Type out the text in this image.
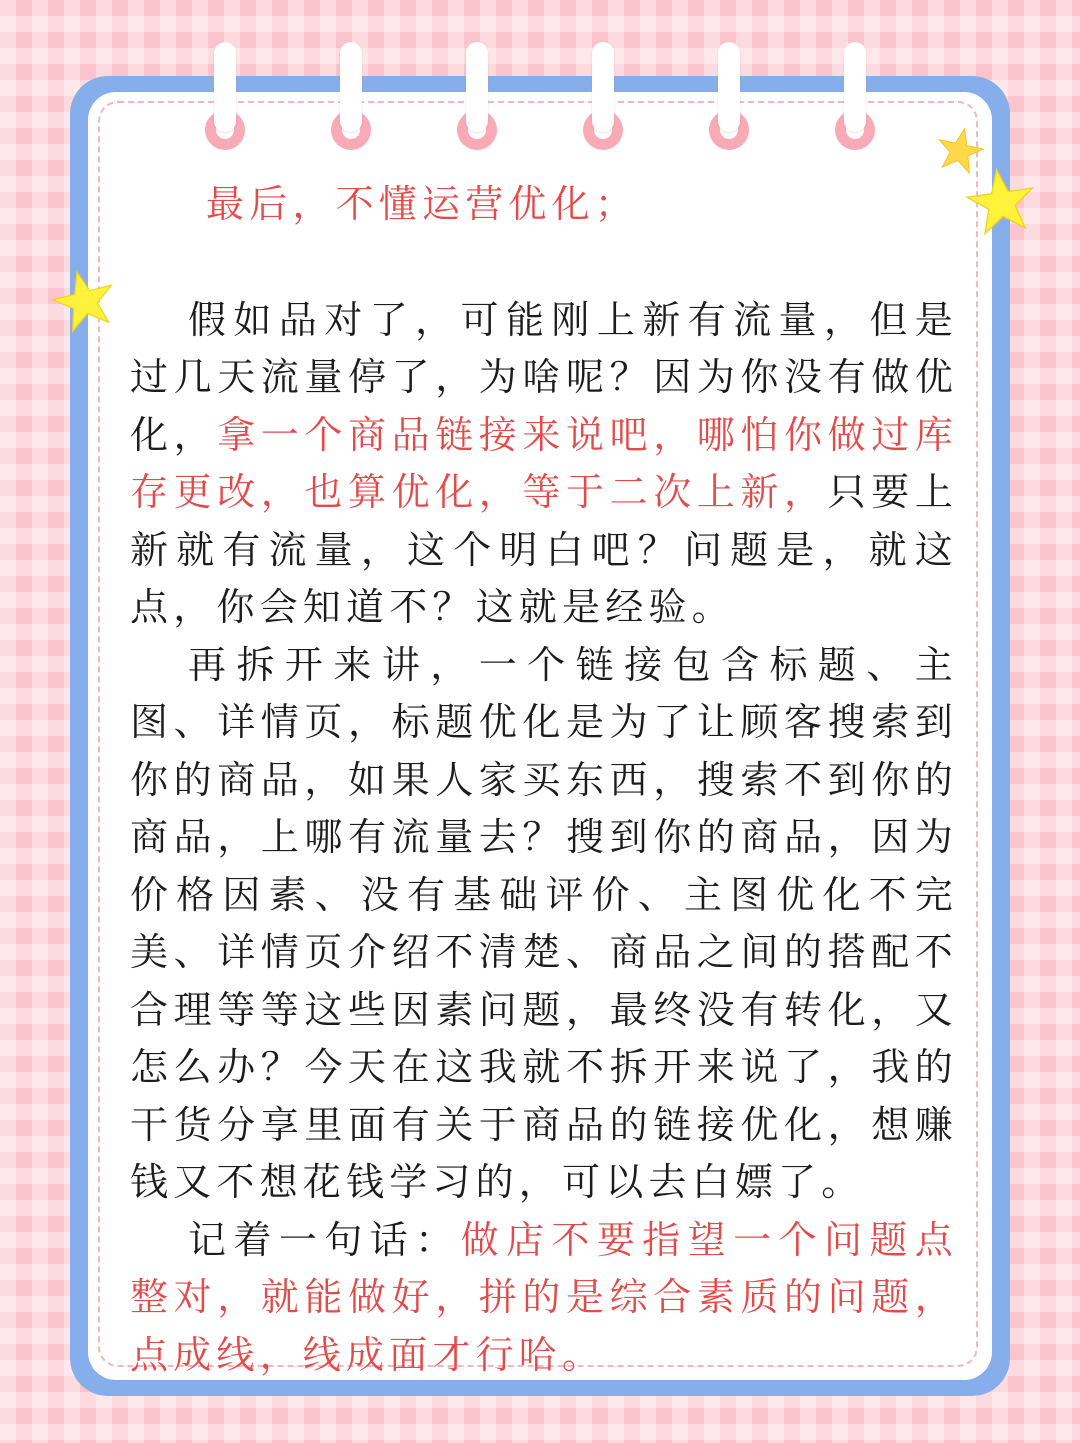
最后，不懂运营优化；

假如品对了，可能刚上新有流量，但是过几天流量停了，为啥呢？因为你没有做优化，拿一个商品链接来说吧，哪怕你做过库存更改，也算优化，等于二次上新，只要上新就有流量，这个明白吧？问题是，就这点，你会知道不？这就是经验。

再拆开来讲，一个链接包含标题、主图、详情页，标题优化是为了让顾客搜索到你的商品，如果人家买东西，搜索不到你的商品，上哪有流量去？搜到你的商品，因为价格因素、没有基础评价、主图优化不完美、详情页介绍不清楚、商品之间的搭配不合理等等这些因素问题，最终没有转化，又怎么办？今天在这我就不拆开来说了，我的干货分享里面有关于商品的链接优化，想赚钱又不想花钱学习的，可以去白嫖了。

记着一句话：做店不要指望一个问题点整对，就能做好，拼的是综合素质的问题，点成线，线成面才行哈。
